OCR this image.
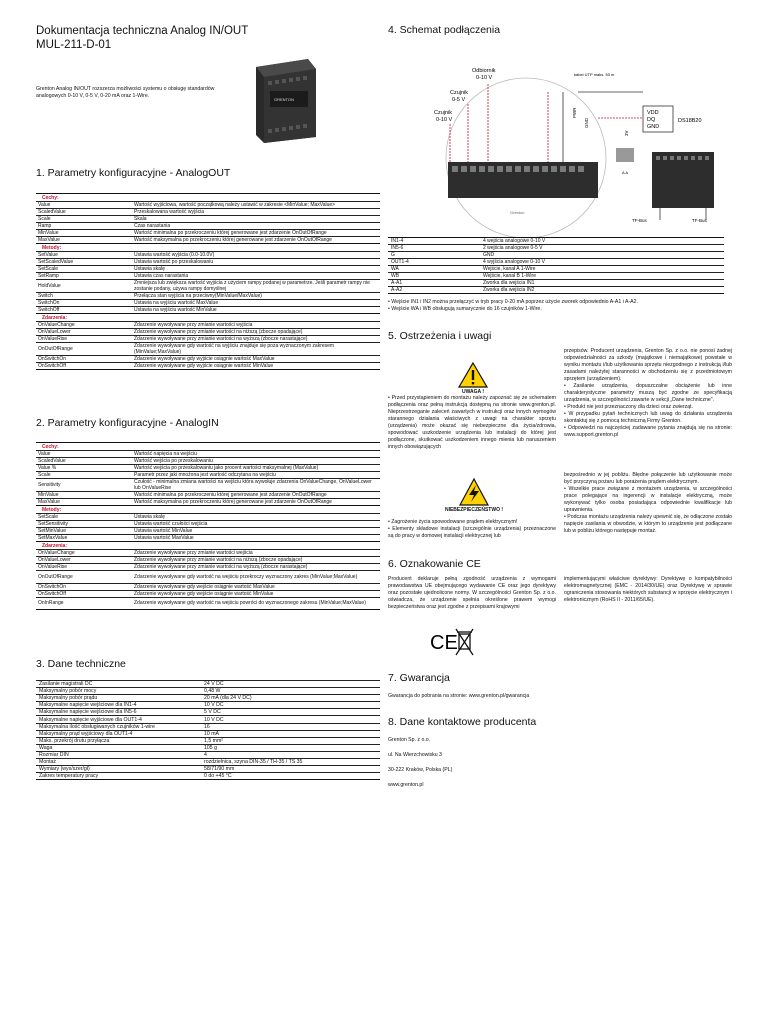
Dokumentacja techniczna Analog IN/OUT
MUL-211-D-01
Grenton Analog IN/OUT rozszerza możliwości systemu o obsługę standardów analogowych 0-10 V, 0-5 V, 0-20 mA oraz 1-Wire.
GRENTON
1. Parametry konfiguracyjne - AnalogOUT
Cechy:	
Value	Wartość wyjściowa, wartość początkową należy ustawić w zakresie <MinValue; MaxValue>
ScaledValue	Przeskalowana wartość wyjścia
Scale	Skala
Ramp	Czas narastania
MinValue	Wartość minimalna po przekroczeniu której generowane jest zdarzenie OnOutOfRange
MaxValue	Wartość maksymalna po przekroczeniu której generowane jest zdarzenie OnOutOfRange
Metody:	
SetValue	Ustawia wartość wyjścia (0.0-10.0V)
SetScaledValue	Ustawia wartość po przeskalowaniu
SetScale	Ustawia skalę
SetRamp	Ustawia czas narastania
HoldValue	Zmniejsza lub zwiększa wartość wyjścia z użyciem rampy podanej w parametrze. Jeśli parametr rampy nie zostanie podany, używa rampy domyślnej
Switch	Przełącza stan wyjścia na przeciwny(MinValue/MaxValue)
SwitchOn	Ustawia na wyjściu wartość MaxValue
SwitchOff	Ustawia na wyjściu wartość MinValue
Zdarzenia:	
OnValueChange	Zdarzenie wywoływane przy zmianie wartości wyjścia
OnValueLower	Zdarzenie wywoływane przy zmianie wartości na niższą (zbocze opadające)
OnValueRise	Zdarzenie wywoływane przy zmianie wartości na wyższą (zbocze narastające)
OnOutOfRange	Zdarzenie wywoływane gdy wartość na wyjściu znajduje się poza wyznaczonym zakresem (MinValue;MaxValue)
OnSwitchOn	Zdarzenie wywoływane gdy wyjście osiągnie wartość MaxValue
OnSwitchOff	Zdarzenie wywoływane gdy wyjście osiągnie wartość MinValue
2. Parametry konfiguracyjne - AnalogIN
Cechy:	
Value	Wartość napięcia na wejściu
ScaledValue	Wartość wejścia po przeskalowaniu
Value %	Wartość wejścia po przeskalowaniu jako procent wartości maksymalnej (MaxValue)
Scale	Parametr przez jaki mnożona jest wartość odczytana na wejściu
Sensitivity	Czułość - minimalna zmiana wartości na wejściu która wywołuje zdarzenia OnValueChange, OnValueLower lub OnValueRise
MinValue	Wartość minimalna po przekroczeniu której generowane jest zdarzenie OnOutOfRange
MaxValue	Wartość maksymalna po przekroczeniu której generowane jest zdarzenie OnOutOfRange
Metody:	
SetScale	Ustawia skalę
SetSensitivity	Ustawia wartość czułości wejścia
SetMinValue	Ustawia wartość MinValue
SetMaxValue	Ustawia wartość MaxValue
Zdarzenia:	
OnValueChange	Zdarzenie wywoływane przy zmianie wartości wejścia
OnValueLower	Zdarzenie wywoływane przy zmianie wartości na niższą (zbocze opadające)
OnValueRise	Zdarzenie wywoływane przy zmianie wartości na wyższą (zbocze narastające)
OnOutOfRange	Zdarzenie wywoływane gdy wartość na wejściu przekroczy wyznaczony zakres (MinValue;MaxValue)
OnSwitchOn	Zdarzenie wywoływane gdy wejście osiągnie wartość MaxValue
OnSwitchOff	Zdarzenie wywoływane gdy wejście osiągnie wartość MinValue
OnInRange	Zdarzenie wywoływane gdy wartość na wejściu powróci do wyznaczonego zakresu (MinValue;MaxValue)
3. Dane techniczne
Zasilanie magistrali DC	24 V DC
Maksymalny pobór mocy	0,48 W
Maksymalny pobór prądu	20 mA (dla 24 V DC)
Maksymalne napięcie wejściowe dla IN1-4	10 V DC
Maksymalne napięcie wejściowe dla IN5-6	5 V DC
Maksymalne napięcie wyjściowe dla OUT1-4	10 V DC
Maksymalna ilość obsługiwanych czujników 1-wire	16
Maksymalny prąd wyjściowy dla OUT1-4	10 mA
Maks. przekrój drutu przyłącza	1,5 mm²
Waga	105 g
Rozmiar DIN	4
Montaż	rozdzielnica, szyna DIN-35 / TH-35 / TS 35
Wymiary (wys/szer/gł)	58/71/90 mm
Zakres temperatury pracy	0 do +45 °C
4. Schemat podłączenia
Grenton
Odbiornik
0-10 V
Czujnik
0-5 V
Czujnik
0-10 V
kabel UTP maks. 50 m
PWR
GND
3V
VDD
DQ
GND
DS18B20
A A
TF-Bus	TF-Bus
IN1-4	4 wejścia analogowe 0-10 V
IN5-6	2 wejścia analogowe 0-5 V
G	GND
OUT1-4	4 wyjścia analogowe 0-10 V
WA	Wejście, kanał A 1-Wire
WB	Wejście, kanał B 1-Wire
A-A1	Zworka dla wejścia IN1
A-A2	Zworka dla wejścia IN2
• Wejście IN1 i IN2 można przełączyć w tryb pracy 0-20 mA poprzez użycie zworek odpowiednio A-A1 i A-A2.
• Wejście WA i WB obsługują sumarycznie do 16 czujników 1-Wire.
5. Ostrzeżenia i uwagi
UWAGA !
• Przed przystąpieniem do montażu należy zapoznać się ze schematem podłączenia oraz pełną instrukcją dostępną na stronie www.grenton.pl. Nieprzestrzeganie zaleceń zawartych w instrukcji oraz innych wymogów starannego działania właściwych z uwagi na charakter sprzętu (urządzenia) może okazać się niebezpieczne dla życia/zdrowia, spowodować uszkodzenie urządzenia lub instalacji do której jest podłączone, skutkować uszkodzeniem innego mienia lub naruszeniem innych obowiązujących
przepisów. Producent urządzenia, Grenton Sp. z o.o. nie ponosi żadnej odpowiedzialności za szkody (majątkowe i niemajątkowe) powstałe w wyniku montażu i/lub użytkowania sprzętu niezgodnego z instrukcją i/lub zasadami należytej staranności w obchodzeniu się z przedmiotowym sprzętem (urządzeniem).
• Zasilanie urządzenia, dopuszczalne obciążenie lub inne charakterystyczne parametry muszą być zgodne ze specyfikacją urządzenia, w szczególności zawarte w sekcji „Dane techniczne”.
• Produkt nie jest przeznaczony dla dzieci oraz zwierząt.
• W przypadku pytań technicznych lub uwag do działania urządzenia skontaktuj się z pomocą techniczną Firmy Grenton.
• Odpowiedzi na najczęściej zadawane pytania znajdują się na stronie: www.support.grenton.pl
NIEBEZPIECZEŃSTWO !
• Zagrożenie życia spowodowane prądem elektrycznym!
• Elementy składowe instalacji (szczególnie urządzenia) przeznaczone są do pracy w domowej instalacji elektrycznej lub
bezpośrednio w jej pobliżu. Błędne połączenie lub użytkowanie może być przyczyną pożaru lub porażenia prądem elektrycznym.
• Wszelkie prace związane z montażem urządzenia, w szczególności prace polegające na ingerencji w instalacje elektryczną, może wykonywać tylko osoba posiadająca odpowiednie kwalifikacje lub uprawnienia.
• Podczas montażu urządzenia należy upewnić się, że odłączone zostało napięcie zasilania w obwodzie, w którym to urządzenie jest podłączane lub w pobliżu którego następuje montaż.
6. Oznakowanie CE
Producent deklaruje pełną zgodność urządzenia z wymogami prawodawstwa UE obejmującego wydawanie CE oraz jego dyrektywy oraz pozostałe ujednolicone normy. W szczególności Grenton Sp. z o.o. oświadcza, że urządzenie spełnia określone prawem wymogi bezpieczeństwa oraz jest zgodne z przepisami krajowymi
implementującymi właściwe dyrektywy: Dyrektywę o kompatybilności elektromagnetycznej (EMC - 2014/30/UE) oraz Dyrektywę w sprawie ograniczenia stosowania niektórych substancji w sprzęcie elektrycznym i elektronicznym (RoHS II - 2011/65/UE).
CE
7. Gwarancja
Gwarancja do pobrania na stronie: www.grenton.pl/gwarancja
8. Dane kontaktowe producenta
Grenton Sp. z o.o.
ul. Na Wierzchowisku 3
30-222 Kraków, Polska (PL)
www.grenton.pl
